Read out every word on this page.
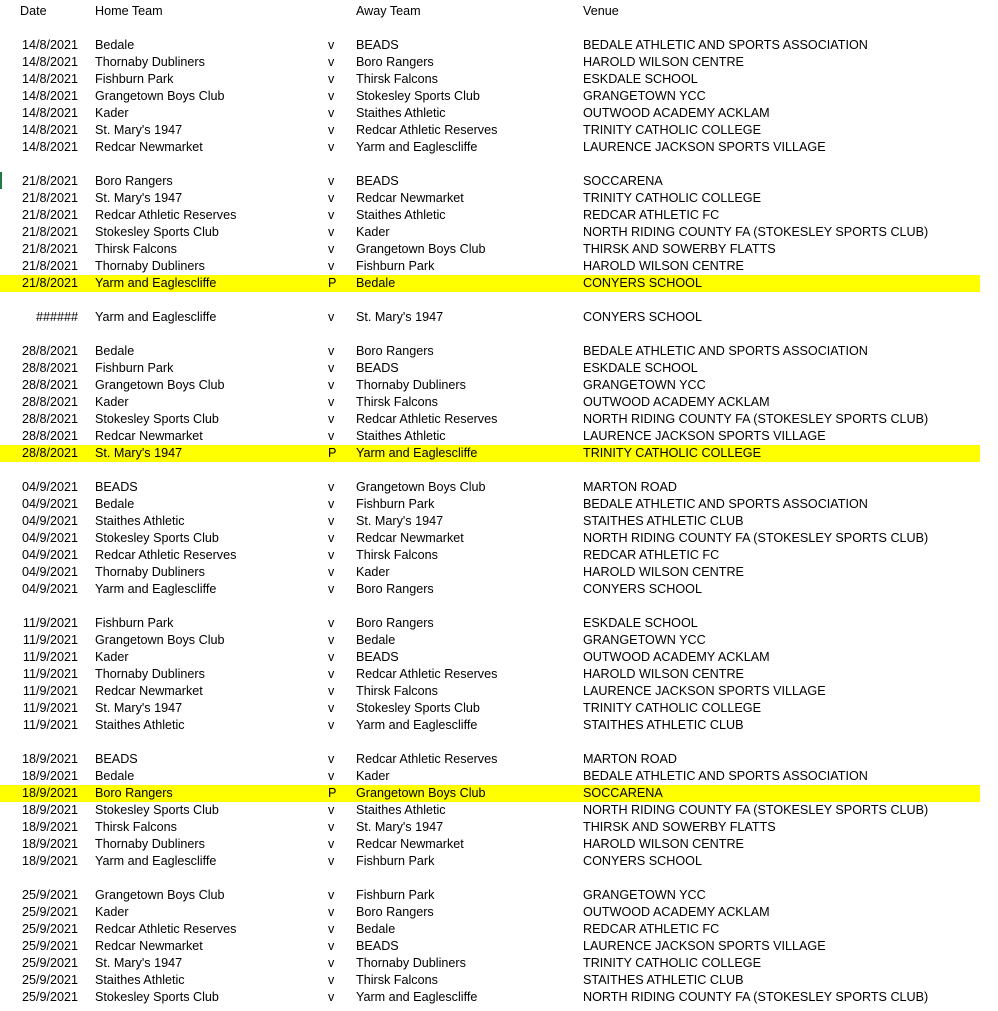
Date	Home Team	Away Team	Venue
14/8/2021 Bedale	v BEADS	BEDALE ATHLETIC AND SPORTS ASSOCIATION
14/8/2021 Thornaby Dubliners	v Boro Rangers	HAROLD WILSON CENTRE
14/8/2021 Fishburn Park	v Thirsk Falcons	ESKDALE SCHOOL
14/8/2021 Grangetown Boys Club	v Stokesley Sports Club	GRANGETOWN YCC
14/8/2021 Kader	v Staithes Athletic	OUTWOOD ACADEMY ACKLAM
14/8/2021 St. Mary's 1947	v Redcar Athletic Reserves	TRINITY CATHOLIC COLLEGE
14/8/2021 Redcar Newmarket	v Yarm and Eaglescliffe	LAURENCE JACKSON SPORTS VILLAGE
21/8/2021 Boro Rangers	v BEADS	SOCCARENA
21/8/2021 St. Mary's 1947	v Redcar Newmarket	TRINITY CATHOLIC COLLEGE
21/8/2021 Redcar Athletic Reserves	v Staithes Athletic	REDCAR ATHLETIC FC
21/8/2021 Stokesley Sports Club	v Kader	NORTH RIDING COUNTY FA (STOKESLEY SPORTS CLUB)
21/8/2021 Thirsk Falcons	v Grangetown Boys Club	THIRSK AND SOWERBY FLATTS
21/8/2021 Thornaby Dubliners	v Fishburn Park	HAROLD WILSON CENTRE
21/8/2021 Yarm and Eaglescliffe	P Bedale	CONYERS SCHOOL
###### Yarm and Eaglescliffe	v St. Mary's 1947	CONYERS SCHOOL
28/8/2021 Bedale	v Boro Rangers	BEDALE ATHLETIC AND SPORTS ASSOCIATION
28/8/2021 Fishburn Park	v BEADS	ESKDALE SCHOOL
28/8/2021 Grangetown Boys Club	v Thornaby Dubliners	GRANGETOWN YCC
28/8/2021 Kader	v Thirsk Falcons	OUTWOOD ACADEMY ACKLAM
28/8/2021 Stokesley Sports Club	v Redcar Athletic Reserves	NORTH RIDING COUNTY FA (STOKESLEY SPORTS CLUB)
28/8/2021 Redcar Newmarket	v Staithes Athletic	LAURENCE JACKSON SPORTS VILLAGE
28/8/2021 St. Mary's 1947	P Yarm and Eaglescliffe	TRINITY CATHOLIC COLLEGE
04/9/2021 BEADS	v Grangetown Boys Club	MARTON ROAD
04/9/2021 Bedale	v Fishburn Park	BEDALE ATHLETIC AND SPORTS ASSOCIATION
04/9/2021 Staithes Athletic	v St. Mary's 1947	STAITHES ATHLETIC CLUB
04/9/2021 Stokesley Sports Club	v Redcar Newmarket	NORTH RIDING COUNTY FA (STOKESLEY SPORTS CLUB)
04/9/2021 Redcar Athletic Reserves	v Thirsk Falcons	REDCAR ATHLETIC FC
04/9/2021 Thornaby Dubliners	v Kader	HAROLD WILSON CENTRE
04/9/2021 Yarm and Eaglescliffe	v Boro Rangers	CONYERS SCHOOL
11/9/2021 Fishburn Park	v Boro Rangers	ESKDALE SCHOOL
11/9/2021 Grangetown Boys Club	v Bedale	GRANGETOWN YCC
11/9/2021 Kader	v BEADS	OUTWOOD ACADEMY ACKLAM
11/9/2021 Thornaby Dubliners	v Redcar Athletic Reserves	HAROLD WILSON CENTRE
11/9/2021 Redcar Newmarket	v Thirsk Falcons	LAURENCE JACKSON SPORTS VILLAGE
11/9/2021 St. Mary's 1947	v Stokesley Sports Club	TRINITY CATHOLIC COLLEGE
11/9/2021 Staithes Athletic	v Yarm and Eaglescliffe	STAITHES ATHLETIC CLUB
18/9/2021 BEADS	v Redcar Athletic Reserves	MARTON ROAD
18/9/2021 Bedale	v Kader	BEDALE ATHLETIC AND SPORTS ASSOCIATION
18/9/2021 Boro Rangers	P Grangetown Boys Club	SOCCARENA
18/9/2021 Stokesley Sports Club	v Staithes Athletic	NORTH RIDING COUNTY FA (STOKESLEY SPORTS CLUB)
18/9/2021 Thirsk Falcons	v St. Mary's 1947	THIRSK AND SOWERBY FLATTS
18/9/2021 Thornaby Dubliners	v Redcar Newmarket	HAROLD WILSON CENTRE
18/9/2021 Yarm and Eaglescliffe	v Fishburn Park	CONYERS SCHOOL
25/9/2021 Grangetown Boys Club	v Fishburn Park	GRANGETOWN YCC
25/9/2021 Kader	v Boro Rangers	OUTWOOD ACADEMY ACKLAM
25/9/2021 Redcar Athletic Reserves	v Bedale	REDCAR ATHLETIC FC
25/9/2021 Redcar Newmarket	v BEADS	LAURENCE JACKSON SPORTS VILLAGE
25/9/2021 St. Mary's 1947	v Thornaby Dubliners	TRINITY CATHOLIC COLLEGE
25/9/2021 Staithes Athletic	v Thirsk Falcons	STAITHES ATHLETIC CLUB
25/9/2021 Stokesley Sports Club	v Yarm and Eaglescliffe	NORTH RIDING COUNTY FA (STOKESLEY SPORTS CLUB)
